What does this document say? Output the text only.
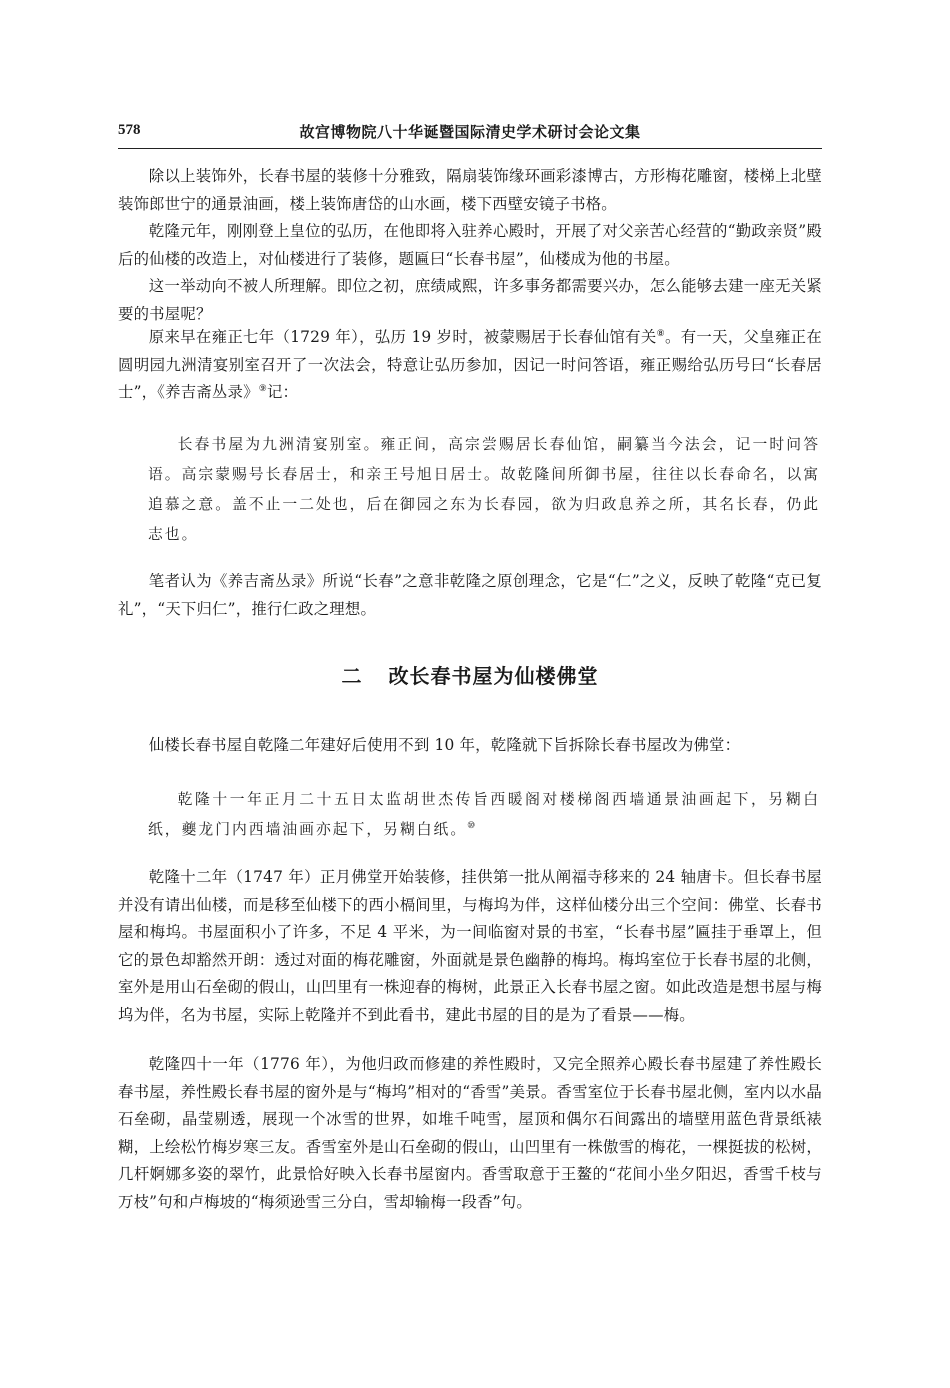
578	故宫博物院八十华诞暨国际清史学术研讨会论文集

除以上装饰外，长春书屋的装修十分雅致，隔扇装饰缘环画彩漆博古，方形梅花雕窗，楼梯上北壁装饰郎世宁的通景油画，楼上装饰唐岱的山水画，楼下西壁安镜子书格。

乾隆元年，刚刚登上皇位的弘历，在他即将入驻养心殿时，开展了对父亲苦心经营的“勤政亲贤”殿后的仙楼的改造上，对仙楼进行了装修，题匾曰“长春书屋”，仙楼成为他的书屋。

这一举动向不被人所理解。即位之初，庶绩咸熙，许多事务都需要兴办，怎么能够去建一座无关紧要的书屋呢？

原来早在雍正七年（1729 年），弘历 19 岁时，被蒙赐居于长春仙馆有关⑧。有一天，父皇雍正在圆明园九洲清宴别室召开了一次法会，特意让弘历参加，因记一时问答语，雍正赐给弘历号曰“长春居士”，《养吉斋丛录》⑨记：

长春书屋为九洲清宴别室。雍正间，高宗尝赐居长春仙馆，嗣纂当今法会，记一时问答语。高宗蒙赐号长春居士，和亲王号旭日居士。故乾隆间所御书屋，往往以长春命名，以寓追慕之意。盖不止一二处也，后在御园之东为长春园，欲为归政息养之所，其名长春，仍此志也。

笔者认为《养吉斋丛录》所说“长春”之意非乾隆之原创理念，它是“仁”之义，反映了乾隆“克已复礼”，“天下归仁”，推行仁政之理想。

二 改长春书屋为仙楼佛堂

仙楼长春书屋自乾隆二年建好后使用不到 10 年，乾隆就下旨拆除长春书屋改为佛堂：

乾隆十一年正月二十五日太监胡世杰传旨西暖阁对楼梯阁西墙通景油画起下，另糊白纸，夔龙门内西墙油画亦起下，另糊白纸。⑩

乾隆十二年（1747 年）正月佛堂开始装修，挂供第一批从阐福寺移来的 24 轴唐卡。但长春书屋并没有请出仙楼，而是移至仙楼下的西小槅间里，与梅坞为伴，这样仙楼分出三个空间：佛堂、长春书屋和梅坞。书屋面积小了许多，不足 4 平米，为一间临窗对景的书室，“长春书屋”匾挂于垂罩上，但它的景色却豁然开朗：透过对面的梅花雕窗，外面就是景色幽静的梅坞。梅坞室位于长春书屋的北侧，室外是用山石垒砌的假山，山凹里有一株迎春的梅树，此景正入长春书屋之窗。如此改造是想书屋与梅坞为伴，名为书屋，实际上乾隆并不到此看书，建此书屋的目的是为了看景——梅。

乾隆四十一年（1776 年），为他归政而修建的养性殿时，又完全照养心殿长春书屋建了养性殿长春书屋，养性殿长春书屋的窗外是与“梅坞”相对的“香雪”美景。香雪室位于长春书屋北侧，室内以水晶石垒砌，晶莹剔透，展现一个冰雪的世界，如堆千吨雪，屋顶和偶尔石间露出的墙壁用蓝色背景纸裱糊，上绘松竹梅岁寒三友。香雪室外是山石垒砌的假山，山凹里有一株傲雪的梅花，一棵挺拔的松树，几杆婀娜多姿的翠竹，此景恰好映入长春书屋窗内。香雪取意于王鳌的“花间小坐夕阳迟，香雪千枝与万枝”句和卢梅坡的“梅须逊雪三分白，雪却输梅一段香”句。
